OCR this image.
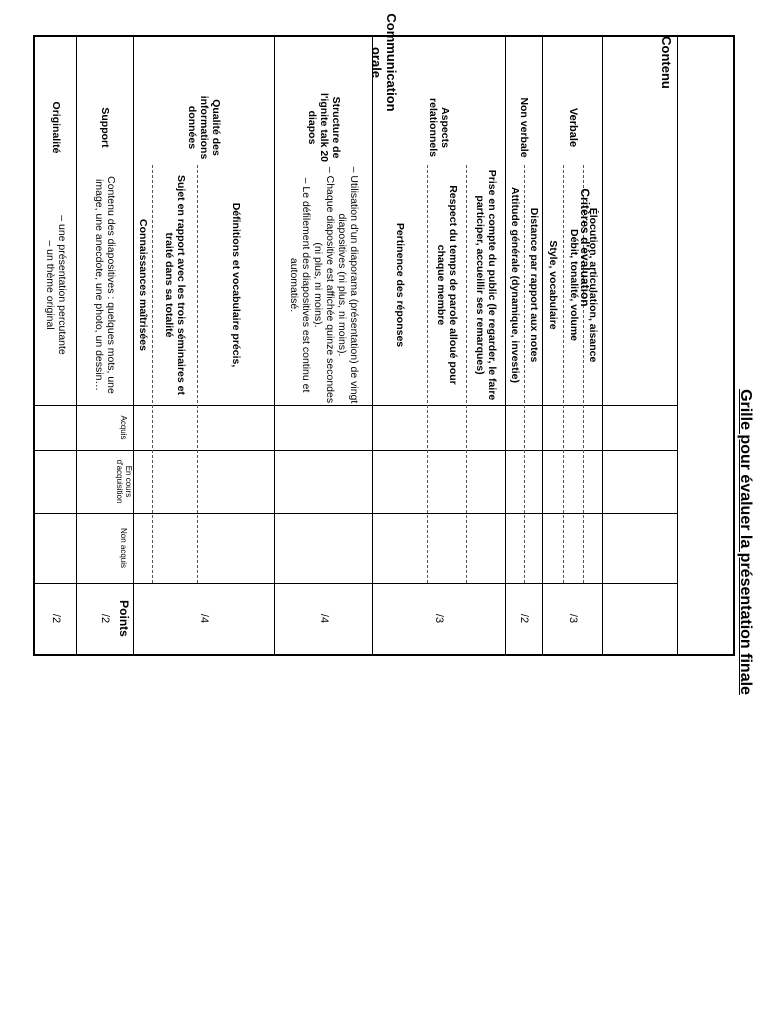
Grille pour évaluer la présentation finale
Communication orale	Contenu
Critères d'évaluation
Acquis
En cours d'acquisition
Non acquis
Points
Verbale
Non verbale
Aspects relationnels
Élocution, articulation, aisance
Débit, tonalité, volume
Style, vocabulaire
/3
Distance par rapport aux notes
Attitude générale (dynamique, investie)
/2
Prise en compte du public (le regarder, le faire participer, accueillir ses remarques)
Respect du temps de parole alloué pour chaque membre
Pertinence des réponses
/3
Structure de l'ignite talk 20 diapos
– Utilisation d'un diaporama (présentation) de vingt diapositives (ni plus, ni moins).
– Chaque diapositive est affichée quinze secondes (ni plus, ni moins).
– Le défilement des diapositives est continu et automatisé.
/4
Qualité des informations données
Définitions et vocabulaire précis,
Sujet en rapport avec les trois séminaires et traité dans sa totalité
Connaissances maîtrisées
/4
Support
Contenu des diapositives : quelques mots, une image, une anecdote, une photo, un dessin…
/2
Originalité
– une présentation percutante
– un thème original
/2
